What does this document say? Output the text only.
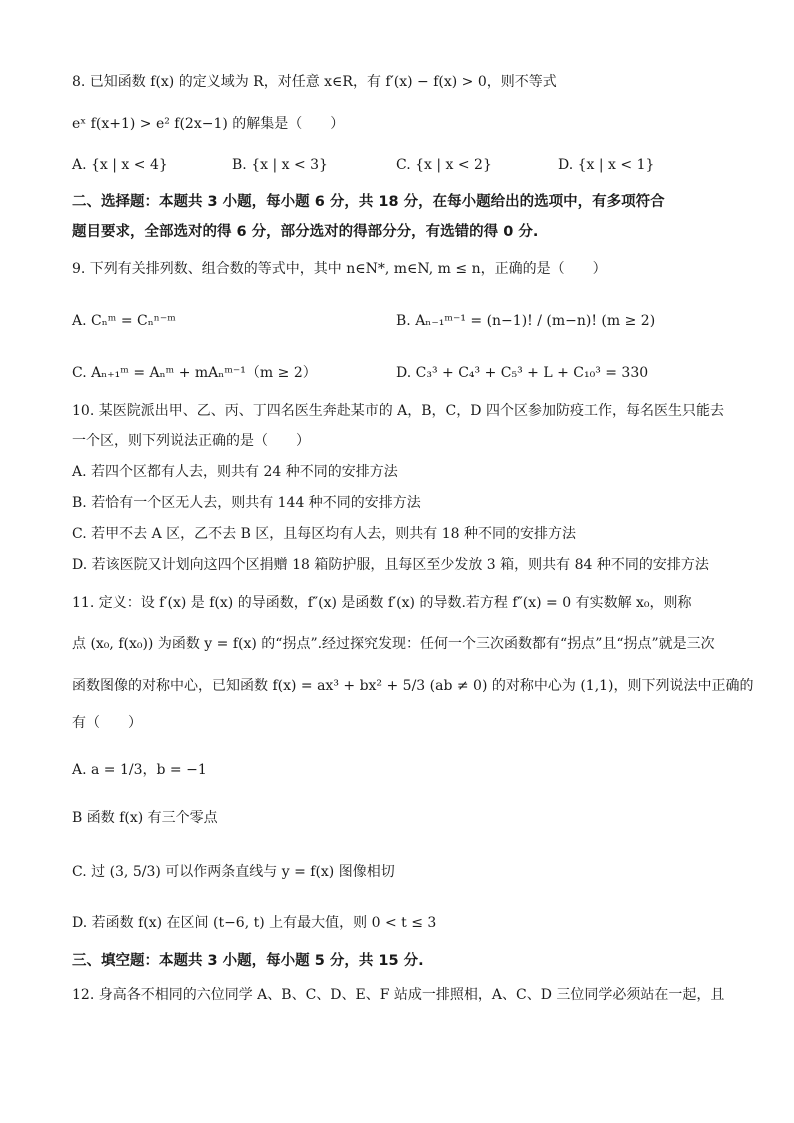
8. 已知函数 f(x) 的定义域为 R，对任意 x∈R，有 f′(x) − f(x) > 0，则不等式
eˣ f(x+1) > e² f(2x−1) 的解集是（　　）
A. {x | x < 4}	B. {x | x < 3}	C. {x | x < 2}	D. {x | x < 1}
二、选择题：本题共 3 小题，每小题 6 分，共 18 分，在每小题给出的选项中，有多项符合
题目要求，全部选对的得 6 分，部分选对的得部分分，有选错的得 0 分.
9. 下列有关排列数、组合数的等式中，其中 n∈N*, m∈N, m ≤ n，正确的是（　　）
A. Cₙᵐ = Cₙⁿ⁻ᵐ	B. Aₙ₋₁ᵐ⁻¹ = (n−1)! / (m−n)! (m ≥ 2)
C. Aₙ₊₁ᵐ = Aₙᵐ + mAₙᵐ⁻¹（m ≥ 2）	D. C₃³ + C₄³ + C₅³ + L + C₁₀³ = 330
10. 某医院派出甲、乙、丙、丁四名医生奔赴某市的 A，B，C，D 四个区参加防疫工作，每名医生只能去
一个区，则下列说法正确的是（　　）
A. 若四个区都有人去，则共有 24 种不同的安排方法
B. 若恰有一个区无人去，则共有 144 种不同的安排方法
C. 若甲不去 A 区，乙不去 B 区，且每区均有人去，则共有 18 种不同的安排方法
D. 若该医院又计划向这四个区捐赠 18 箱防护服，且每区至少发放 3 箱，则共有 84 种不同的安排方法
11. 定义：设 f′(x) 是 f(x) 的导函数，f″(x) 是函数 f′(x) 的导数.若方程 f″(x) = 0 有实数解 x₀，则称
点 (x₀, f(x₀)) 为函数 y = f(x) 的“拐点”.经过探究发现：任何一个三次函数都有“拐点”且“拐点”就是三次
函数图像的对称中心，已知函数 f(x) = ax³ + bx² + 5/3 (ab ≠ 0) 的对称中心为 (1,1)，则下列说法中正确的
有（　　）
A. a = 1/3，b = −1
B 函数 f(x) 有三个零点
C. 过 (3, 5/3) 可以作两条直线与 y = f(x) 图像相切
D. 若函数 f(x) 在区间 (t−6, t) 上有最大值，则 0 < t ≤ 3
三、填空题：本题共 3 小题，每小题 5 分，共 15 分.
12. 身高各不相同的六位同学 A、B、C、D、E、F 站成一排照相，A、C、D 三位同学必须站在一起，且
